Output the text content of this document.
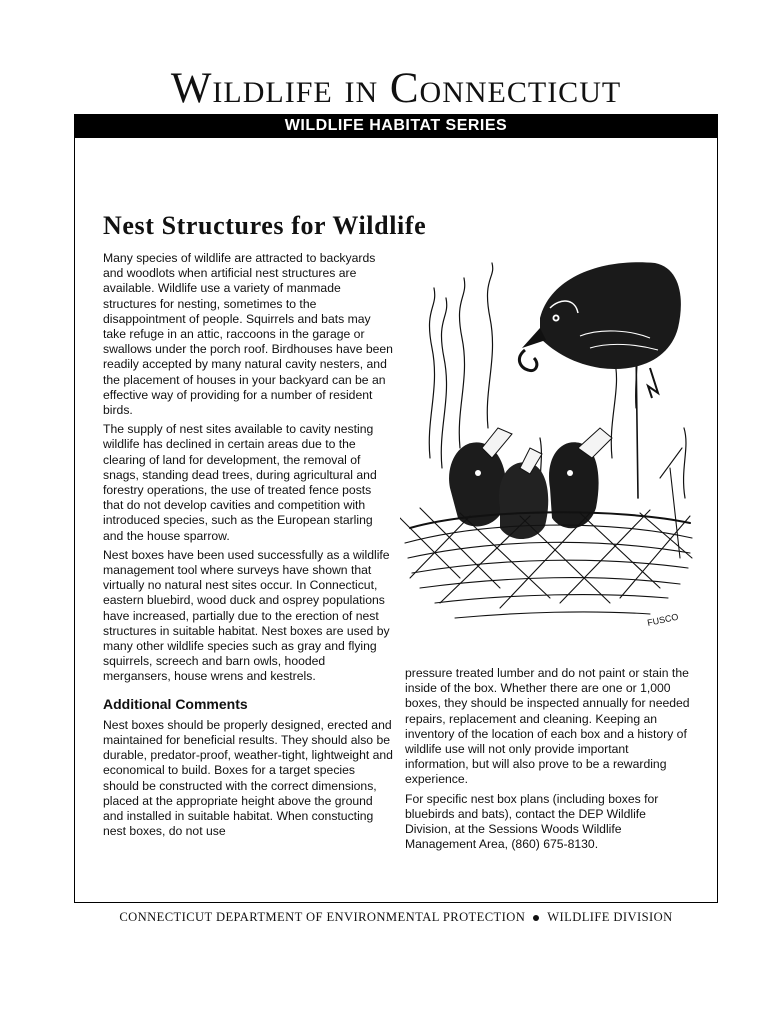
Wildlife in Connecticut
WILDLIFE HABITAT SERIES
Nest Structures for Wildlife

Many species of wildlife are attracted to backyards and woodlots when artificial nest structures are available. Wildlife use a variety of manmade structures for nesting, sometimes to the disappointment of people. Squirrels and bats may take refuge in an attic, raccoons in the garage or swallows under the porch roof. Birdhouses have been readily accepted by many natural cavity nesters, and the placement of houses in your backyard can be an effective way of providing for a number of resident birds.

The supply of nest sites available to cavity nesting wildlife has declined in certain areas due to the clearing of land for development, the removal of snags, standing dead trees, during agricultural and forestry operations, the use of treated fence posts that do not develop cavities and competition with introduced species, such as the European starling and the house sparrow.

Nest boxes have been used successfully as a wildlife management tool where surveys have shown that virtually no natural nest sites occur. In Connecticut, eastern bluebird, wood duck and osprey populations have increased, partially due to the erection of nest structures in suitable habitat. Nest boxes are used by many other wildlife species such as gray and flying squirrels, screech and barn owls, hooded mergansers, house wrens and kestrels.

Additional Comments

Nest boxes should be properly designed, erected and maintained for beneficial results. They should also be durable, predator-proof, weather-tight, lightweight and economical to build. Boxes for a target species should be constructed with the correct dimensions, placed at the appropriate height above the ground and installed in suitable habitat. When constucting nest boxes, do not use

pressure treated lumber and do not paint or stain the inside of the box. Whether there are one or 1,000 boxes, they should be inspected annually for needed repairs, replacement and cleaning. Keeping an inventory of the location of each box and a history of wildlife use will not only provide important information, but will also prove to be a rewarding experience.

For specific nest box plans (including boxes for bluebirds and bats), contact the DEP Wildlife Division, at the Sessions Woods Wildlife Management Area, (860) 675-8130.

FUSCO
CONNECTICUT DEPARTMENT OF ENVIRONMENTAL PROTECTION WILDLIFE DIVISION
